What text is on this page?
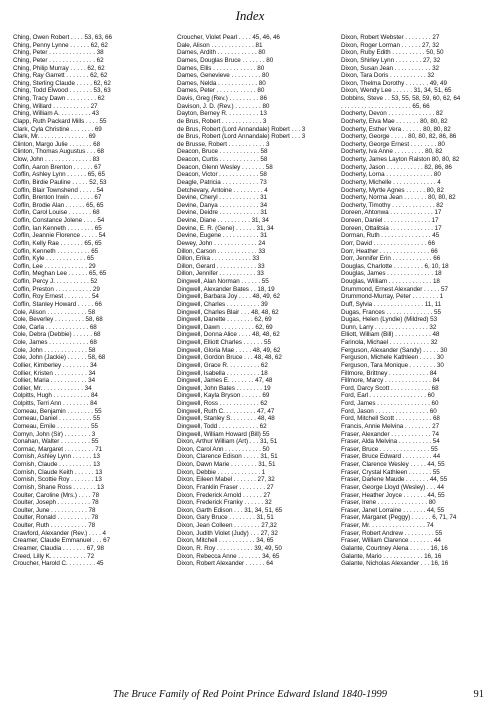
Index
Ching, Owen Robert . . . . 53, 63, 66
Ching, Penny Lynne . . . . . . 62, 62
Ching, Peter . . . . . . . . . . . . . . 38
Ching, Peter . . . . . . . . . . . . . . 62
Ching, Philip Murray . . . . . 62, 62
Ching, Ray Garrett . . . . . . . 62, 62
Ching, Sterling Claude . . . . . 62, 62
Ching, Todd Elwood . . . . . . . 53, 63
Ching, Tracy Dawn . . . . . . . . . 62
Ching, Willard . . . . . . . . . . . 27
Ching, William A. . . . . . . . . . 43
Clapp, Ruth Packard Mills . . . . 55
Clark, Cyla Christine . . . . . . . 69
Clark, Mr. . . . . . . . . . . . . . . 69
Clinton, Margo Julie . . . . . . . 68
Clinton, Thomas Augustus . . . 68
Clow, John . . . . . . . . . . . . . . 83
Coffin, Aaron Brenton . . . . . . 67
Coffin, Ashley Lynn . . . . . . 65, 65
Coffin, Birdie Pauline . . . . . 52, 53
Coffin, Blair Townshend . . . . . 54
Coffin, Brenton Irwin . . . . . . . 67
Coffin, Brodie Alan . . . . . . 65, 65
Coffin, Carol Louise . . . . . . . 68
Coffin, Constance Jolene . . . . 54
Coffin, Ian Kenneth . . . . . . . . 65
Coffin, Jeannie Florence . . . . . 54
Coffin, Kelly Rae . . . . . . . 65, 65
Coffin, Kenneth . . . . . . . . . . 65
Coffin, Kyle . . . . . . . . . . . . 65
Coffin, Lee . . . . . . . . . . . . . 29
Coffin, Meghan Lee . . . . . . 65, 65
Coffin, Percy J. . . . . . . . . . . 52
Coffin, Preston . . . . . . . . . . . 29
Coffin, Roy Ernest . . . . . . . . 54
Coffin, Stanley Howard . . . . . 66
Cole, Alison . . . . . . . . . . . . 58
Cole, Beverley . . . . . . . . . 58, 68
Cole, Carla . . . . . . . . . . . . . 68
Cole, Debra (Debbie) . . . . . . 68
Cole, James . . . . . . . . . . . . 68
Cole, John . . . . . . . . . . . . . 58
Cole, John (Jackie) . . . . . . 58, 68
Collier, Kimberley . . . . . . . . 34
Collier, Kristen . . . . . . . . . . 34
Collier, Maria . . . . . . . . . . . 34
Collier, Mr. . . . . . . . . . . . . 34
Colpitts, Hugh . . . . . . . . . . . 84
Colpitts, Terri Ann . . . . . . . . 84
Comeau, Benjamin . . . . . . . . 55
Comeau, Daniel . . . . . . . . . . 55
Comeau, Emile . . . . . . . . . . 55
Comyn, John (Sir) . . . . . . . . 3
Conahan, Walter . . . . . . . . . 55
Cormac, Margaret . . . . . . . . . 71
Cornish, Ashley Lynn . . . . . . 13
Cornish, Claude . . . . . . . . . . 13
Cornish, Claude Keith . . . . . . 13
Cornish, Scottie Roy . . . . . . . 13
Cornish, Shane Ross . . . . . . . 13
Coulter, Caroline (Mrs.) . . . . 78
Coulter, Joseph . . . . . . . . . . 78
Coulter, June . . . . . . . . . . . 78
Coulter, Ronald . . . . . . . . . . 78
Coulter, Ruth . . . . . . . . . . . 78
Crawford, Alexander (Rev.) . . . . 4
Creamer, Claude Emmanuel . . . 67
Creamer, Claudia . . . . . . . 67, 98
Creed, Lilly K. . . . . . . . . . . 72
Croucher, Harold C. . . . . . . . . 45
Croucher, Violet Pearl . . . . 45, 46, 46
Dale, Alison . . . . . . . . . . . . . 81
Dames, Ardith . . . . . . . . . . . . 80
Dames, Douglas Bruce . . . . . . . 80
Dames, Ellis . . . . . . . . . . . . . 80
Dames, Genevieve . . . . . . . . . 80
Dames, Nelda . . . . . . . . . . . . 80
Dames, Peter . . . . . . . . . . . . 80
Davis, Greg (Rev.) . . . . . . . . . 86
Davison, J. D. (Rev.) . . . . . . . . 80
Dayton, Berney R. . . . . . . . . . 13
de Brus, Robert . . . . . . . . . . . . 3
de Brus, Robert (Lord Annandale) Robert . . . 3
de Brus, Robert (Lord Annandale) Robert . . . 3
de Brusse, Robert . . . . . . . . . . . 3
Deacon, Bruce . . . . . . . . . . . . 58
Deacon, Curtis . . . . . . . . . . . . 58
Deacon, Glenn Wesley . . . . . . . 58
Deacon, Victor . . . . . . . . . . . . 58
Deagle, Patricia . . . . . . . . . . . 73
Detchevary, Antoine . . . . . . . . . 4
Devine, Cheryl . . . . . . . . . . . . 31
Devine, Danya . . . . . . . . . . . . 34
Devine, Deidre . . . . . . . . . . . . 31
Devine, Diane . . . . . . . . . . 31, 34
Devine, E. R. (Gene) . . . . . . 31, 34
Devine, Eugene . . . . . . . . . . . 31
Dewey, John . . . . . . . . . . . . . 24
Dillon, Carson . . . . . . . . . . . . 33
Dillon, Erika . . . . . . . . . . . . 33
Dillon, Gerard . . . . . . . . . . . . 33
Dillon, Jennifer . . . . . . . . . . . 33
Dingwell, Alan Norman . . . . . . 55
Dingwell, Alexander Bates . . 18, 19
Dingwell, Barbara Joy . . . . 48, 49, 62
Dingwell, Charles . . . . . . . . . . 39
Dingwell, Charles Blair . . . 48, 48, 62
Dingwell, Danette . . . . . . . . 62, 69
Dingwell, Dawn . . . . . . . . . . 62, 69
Dingwell, Donna Alice . . . . 48, 48, 62
Dingwell, Elliott Charles . . . . . . 55
Dingwell, Gloria Mae . . . . . 48, 49, 62
Dingwell, Gordon Bruce . . . 48, 48, 62
Dingwell, Grace R. . . . . . . . . . 62
Dingwell, Isabella . . . . . . . . . . 18
Dingwell, James E. . . . . . . . 47, 48
Dingwell, John Bates . . . . . . . . 19
Dingwell, Kayla Bryson . . . . . . 69
Dingwell, Ross . . . . . . . . . . . . 62
Dingwell, Ruth C. . . . . . . . . . 47, 47
Dingwell, Stanley S. . . . . . . . 48, 48
Dingwell, Todd . . . . . . . . . . . . 62
Dingwell, William Howard (Bill) 55
Dixon, Arthur William (Art) . . . 31, 51
Dixon, Carol Ann . . . . . . . . . . . 50
Dixon, Clarence Edison . . . . . 31, 51
Dixon, Dawn Marie . . . . . . . . 31, 51
Dixon, Debbie . . . . . . . . . . . . . 1
Dixon, Eileen Mabel . . . . . . . 27, 32
Dixon, Franklin Fraser . . . . . . . . 27
Dixon, Frederick Arnold . . . . . . 27
Dixon, Frederick Franky . . . . . . 32
Dixon, Garth Edison . . . 31, 34, 51, 65
Dixon, Gary Bruce . . . . . . . . 31, 51
Dixon, Jean Colleen . . . . . . . . 27,32
Dixon, Judith Violet (Judy) . . . 27, 32
Dixon, Mitchell . . . . . . . . . . . 34, 65
Dixon, R. Roy . . . . . . . . . . . 39, 49, 50
Dixon, Rebecca Anne . . . . . . . 34, 65
Dixon, Robert Alexander . . . . . . 64
Dixon, Robert Webster . . . . . . . . 27
Dixon, Roger Lorman . . . . . . 27, 32
Dixon, Ruby Edith . . . . . . . . . . 50, 50
Dixon, Shirley Lynn . . . . . . . . 27, 32
Dixon, Susan Jean . . . . . . . . . . . 32
Dixon, Tara Doris . . . . . . . . . . . 32
Dixon, Thelma Dorothy . . . . . . . 49, 49
Dixon, Wendy Lee . . . . . . 31, 34, 51, 65
Dobbins, Steve . . 53, 55, 58, 59, 60, 62, 64
. . . . . . . . . . . . . . . . . . . . . 65, 66
Docherty, Devon . . . . . . . . . . . . . . 82
Docherty, Elva Mae . . . . . . . 80, 80, 82
Docherty, Esther Vera . . . . . . 80, 80, 82
Docherty, George . . . . . 80, 80, 82, 86, 86
Docherty, George Ernest . . . . . . . . 80
Docherty, Iva Anne . . . . . . . . . 80, 82
Docherty, James Layton Ralston 80, 80, 82
Docherty, Jason . . . . . . . . . . . 82, 86, 86
Docherty, Lorna . . . . . . . . . . . . . . 80
Docherty, Michelle . . . . . . . . . . . . . 4
Docherty, Myrtle Agnes . . . . . . 80, 82
Docherty, Norma Jean . . . . . . . 80, 80, 82
Docherty, Timothy . . . . . . . . . . . . . 82
Doreen, Ahtonwa . . . . . . . . . . . . . 17
Doreen, Daniel . . . . . . . . . . . . . . 17
Doreen, Ottalitsia . . . . . . . . . . . . . 17
Dorman, Ruth . . . . . . . . . . . . . . . 45
Dorr, David . . . . . . . . . . . . . . . . 66
Dorr, Heather . . . . . . . . . . . . . . . 66
Dorr, Jennifer Erin . . . . . . . . . . . . 66
Douglas, Charlotte . . . . . . . . . 6, 10, 18
Douglas, James . . . . . . . . . . . . . . 18
Douglas, William . . . . . . . . . . . . . 18
Drummond, Ernest Alexander . . . . . 57
Drummond-Murray, Peter . . . . . . . . 1
Duff, Sylvia . . . . . . . . . . . . . . . 11, 11
Dugas, Frances . . . . . . . . . . . . . . 55
Dugas, Helen (Lyndie) (Mildred) 53
Dunn, Larry . . . . . . . . . . . . . . . . 32
Elliott, William (Bill) . . . . . . . . . . . 48
Farinola, Michael . . . . . . . . . . . . 32
Ferguson, Alexander (Sandy) . . . . . 30
Ferguson, Michele Kathleen . . . . . 30
Ferguson, Tara Monique . . . . . . . . 30
Fillmore, Brittney . . . . . . . . . . . . 84
Fillmore, Marcy . . . . . . . . . . . . . . 84
Ford, Darcy Scott . . . . . . . . . . . . 68
Ford, Earl . . . . . . . . . . . . . . . . . 60
Ford, James . . . . . . . . . . . . . . . . 60
Ford, Jason . . . . . . . . . . . . . . . . 60
Ford, Mitchell Scott . . . . . . . . . . . 68
Francis, Annie Melvina . . . . . . . . 27
Fraser, Alexander . . . . . . . . . . . . 74
Fraser, Alda Melvina . . . . . . . . . . 54
Fraser, Bruce . . . . . . . . . . . . . . . 55
Fraser, Bruce Edward . . . . . . . . . 44
Fraser, Clarence Wesley . . . . . 44, 55
Fraser, Crystal Kathleen . . . . . . . 55
Fraser, Darlene Maude . . . . . . . 44, 55
Fraser, George Lloyd (Wesley) . . . 44
Fraser, Heather Joyce . . . . . . . 44, 55
Fraser, Irene . . . . . . . . . . . . . . . 80
Fraser, Janet Lorraine . . . . . . . 44, 55
Fraser, Margaret (Peggy) . . . . . . 6, 71, 74
Fraser, Mr. . . . . . . . . . . . . . . . . 74
Fraser, Robert Andrew . . . . . . . . . 55
Fraser, William Clarence . . . . . . . 44
Galante, Courtney Alena . . . . . . 16, 16
Galante, Mario . . . . . . . . . . . . 16, 16
Galante, Nicholas Alexander . . . 16, 16
The Bruce Family of Red Point Prince Edward Island 1840-1999	91
